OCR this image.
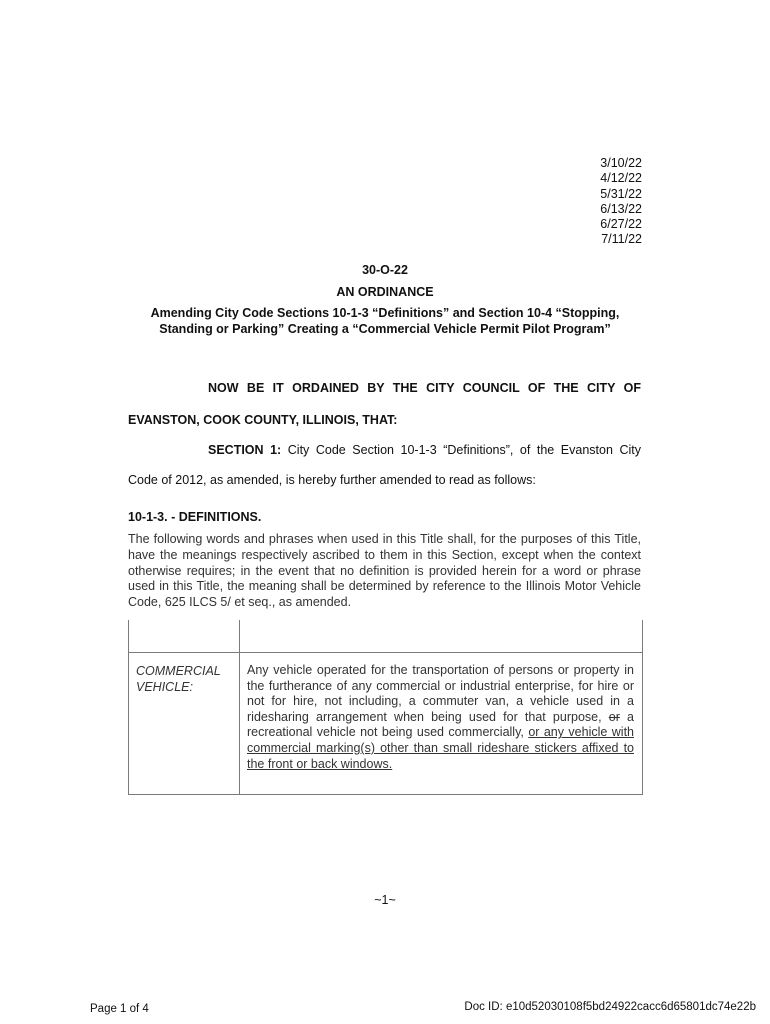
3/10/22
4/12/22
5/31/22
6/13/22
6/27/22
7/11/22
30-O-22
AN ORDINANCE
Amending City Code Sections 10-1-3 “Definitions” and Section 10-4 “Stopping, Standing or Parking” Creating a “Commercial Vehicle Permit Pilot Program”
NOW BE IT ORDAINED BY THE CITY COUNCIL OF THE CITY OF
EVANSTON, COOK COUNTY, ILLINOIS, THAT:
SECTION 1: City Code Section 10-1-3 “Definitions”, of the Evanston City
Code of 2012, as amended, is hereby further amended to read as follows:
10-1-3. - DEFINITIONS.
The following words and phrases when used in this Title shall, for the purposes of this Title, have the meanings respectively ascribed to them in this Section, except when the context otherwise requires; in the event that no definition is provided herein for a word or phrase used in this Title, the meaning shall be determined by reference to the Illinois Motor Vehicle Code, 625 ILCS 5/ et seq., as amended.
COMMERCIAL VEHICLE:
Any vehicle operated for the transportation of persons or property in the furtherance of any commercial or industrial enterprise, for hire or not for hire, not including, a commuter van, a vehicle used in a ridesharing arrangement when being used for that purpose, or a recreational vehicle not being used commercially, or any vehicle with commercial marking(s) other than small rideshare stickers affixed to the front or back windows.
~1~
Page 1 of 4	Doc ID: e10d52030108f5bd24922cacc6d65801dc74e22b
